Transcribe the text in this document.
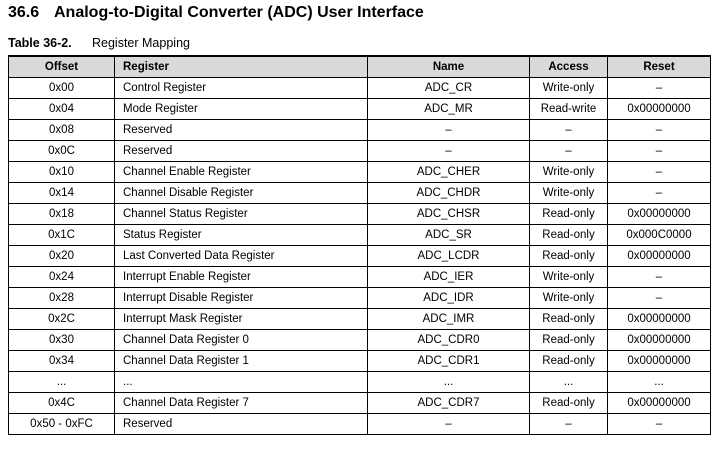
36.6 Analog-to-Digital Converter (ADC) User Interface
Table 36-2. Register Mapping
Offset	Register	Name	Access	Reset
0x00	Control Register	ADC_CR	Write-only	–
0x04	Mode Register	ADC_MR	Read-write	0x00000000
0x08	Reserved	–	–	–
0x0C	Reserved	–	–	–
0x10	Channel Enable Register	ADC_CHER	Write-only	–
0x14	Channel Disable Register	ADC_CHDR	Write-only	–
0x18	Channel Status Register	ADC_CHSR	Read-only	0x00000000
0x1C	Status Register	ADC_SR	Read-only	0x000C0000
0x20	Last Converted Data Register	ADC_LCDR	Read-only	0x00000000
0x24	Interrupt Enable Register	ADC_IER	Write-only	–
0x28	Interrupt Disable Register	ADC_IDR	Write-only	–
0x2C	Interrupt Mask Register	ADC_IMR	Read-only	0x00000000
0x30	Channel Data Register 0	ADC_CDR0	Read-only	0x00000000
0x34	Channel Data Register 1	ADC_CDR1	Read-only	0x00000000
...	...	...	...	...
0x4C	Channel Data Register 7	ADC_CDR7	Read-only	0x00000000
0x50 - 0xFC	Reserved	–	–	–
